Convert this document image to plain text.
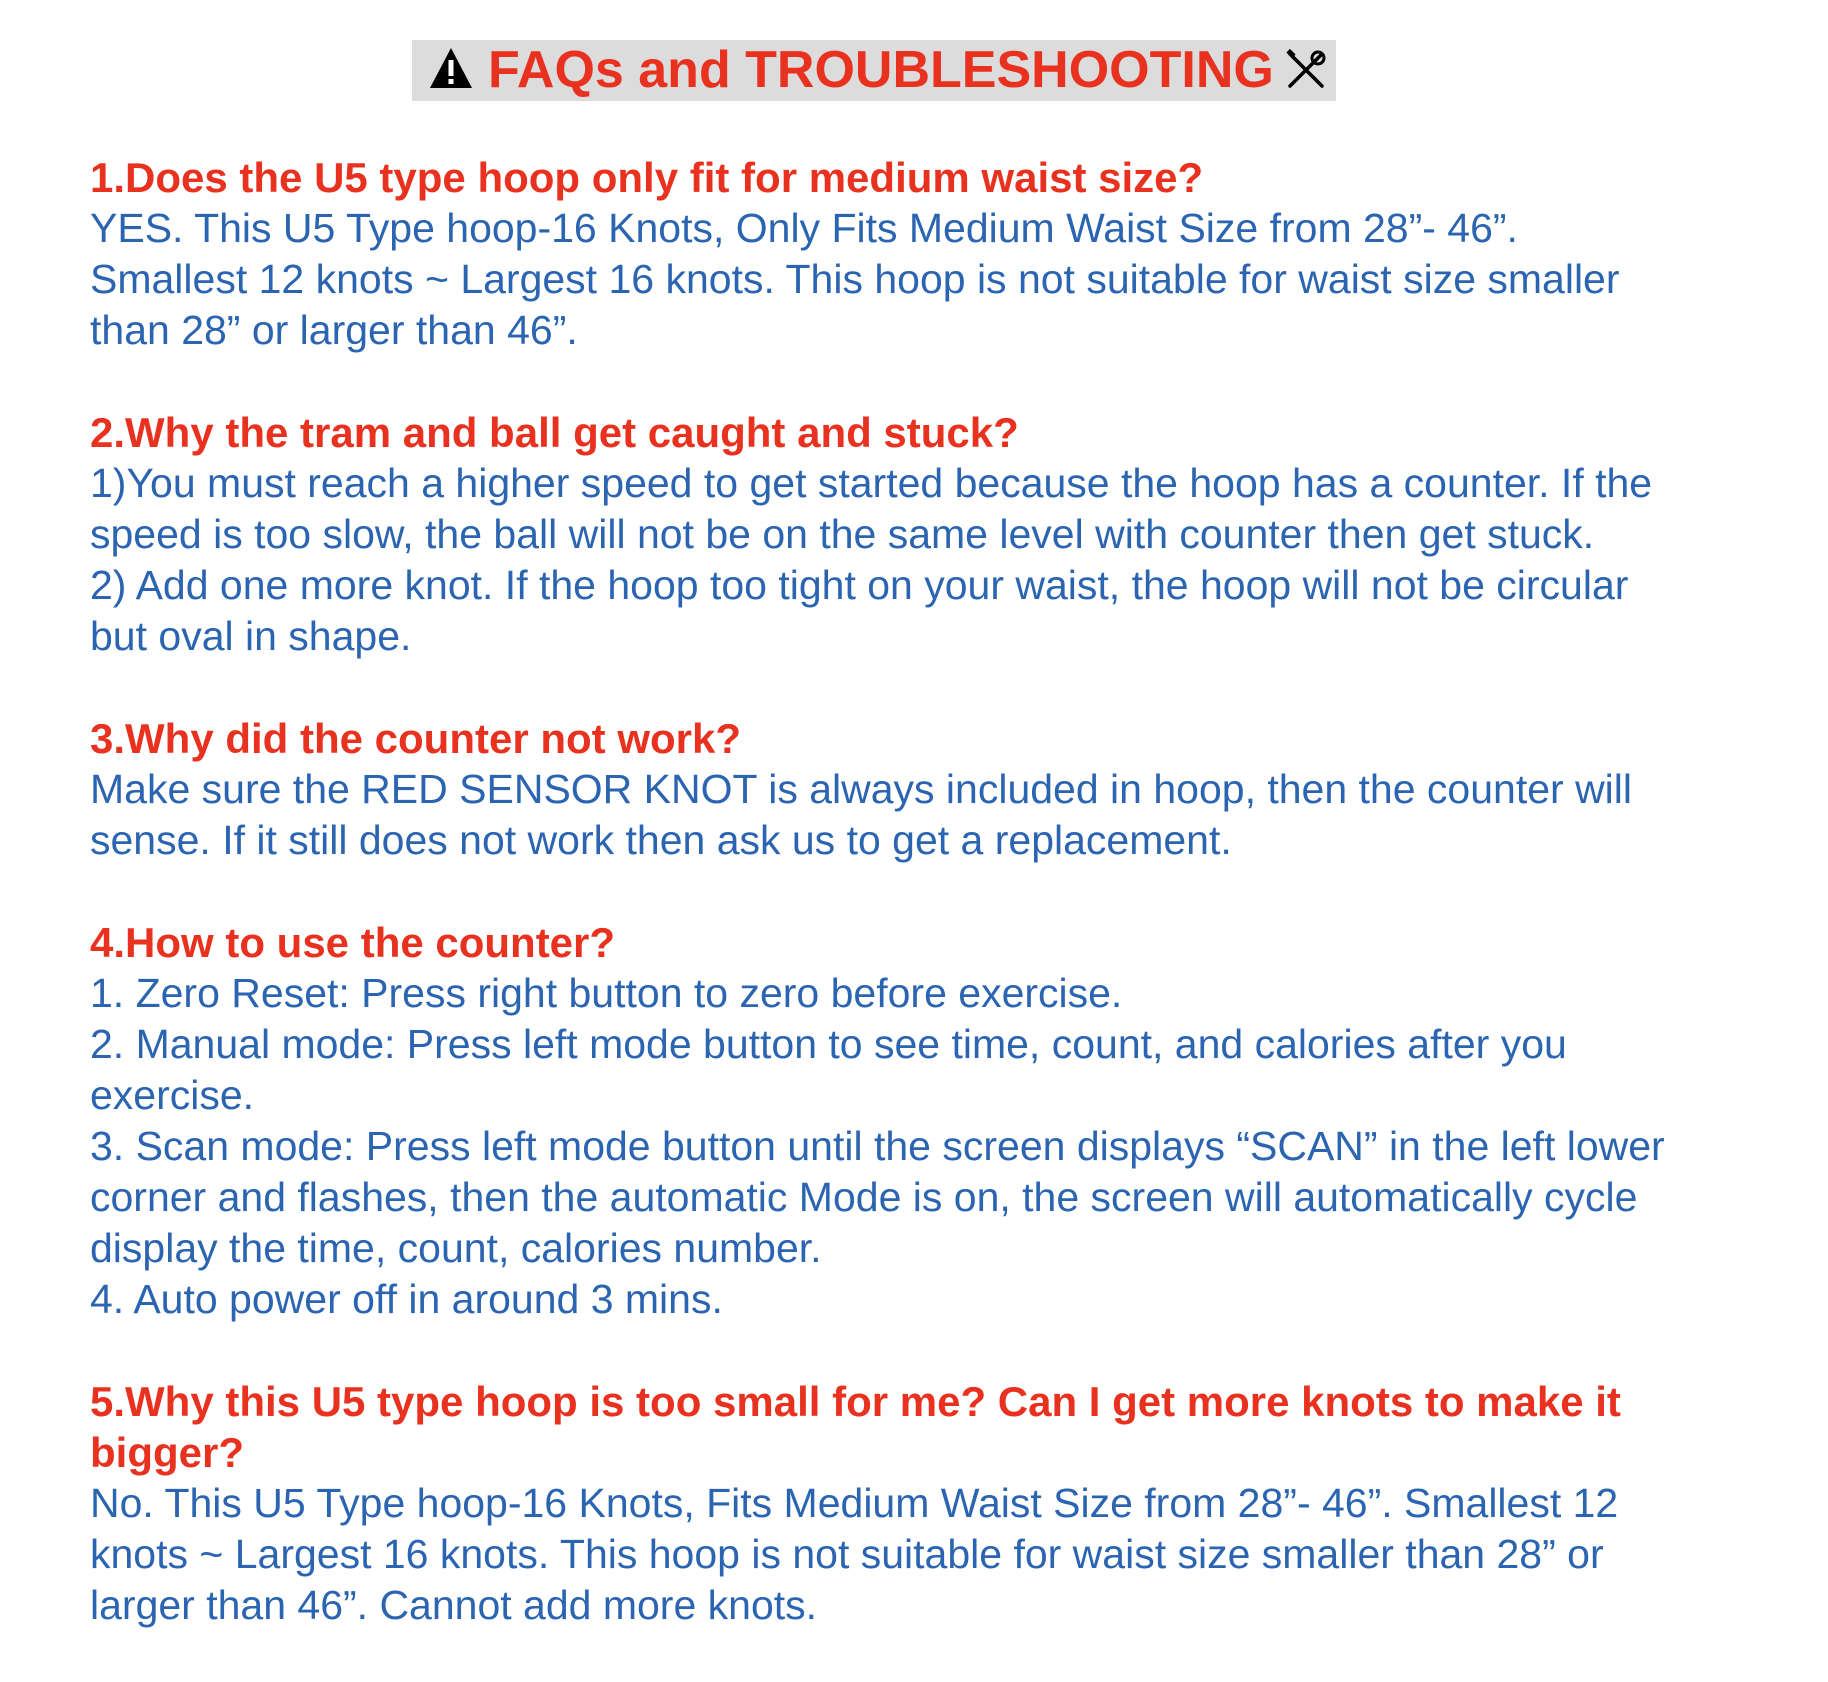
FAQs and TROUBLESHOOTING
1.Does the U5 type hoop only fit for medium waist size?
YES. This U5 Type hoop-16 Knots, Only Fits Medium Waist Size from 28”- 46”.
Smallest 12 knots ~ Largest 16 knots. This hoop is not suitable for waist size smaller
than 28” or larger than 46”.
2.Why the tram and ball get caught and stuck?
1)You must reach a higher speed to get started because the hoop has a counter. If the
speed is too slow, the ball will not be on the same level with counter then get stuck.
2) Add one more knot. If the hoop too tight on your waist, the hoop will not be circular
but oval in shape.
3.Why did the counter not work?
Make sure the RED SENSOR KNOT is always included in hoop, then the counter will
sense. If it still does not work then ask us to get a replacement.
4.How to use the counter?
1. Zero Reset: Press right button to zero before exercise.
2. Manual mode: Press left mode button to see time, count, and calories after you
exercise.
3. Scan mode: Press left mode button until the screen displays “SCAN” in the left lower
corner and flashes, then the automatic Mode is on, the screen will automatically cycle
display the time, count, calories number.
4. Auto power off in around 3 mins.
5.Why this U5 type hoop is too small for me? Can I get more knots to make it
bigger?
No. This U5 Type hoop-16 Knots, Fits Medium Waist Size from 28”- 46”. Smallest 12
knots ~ Largest 16 knots. This hoop is not suitable for waist size smaller than 28” or
larger than 46”. Cannot add more knots.
